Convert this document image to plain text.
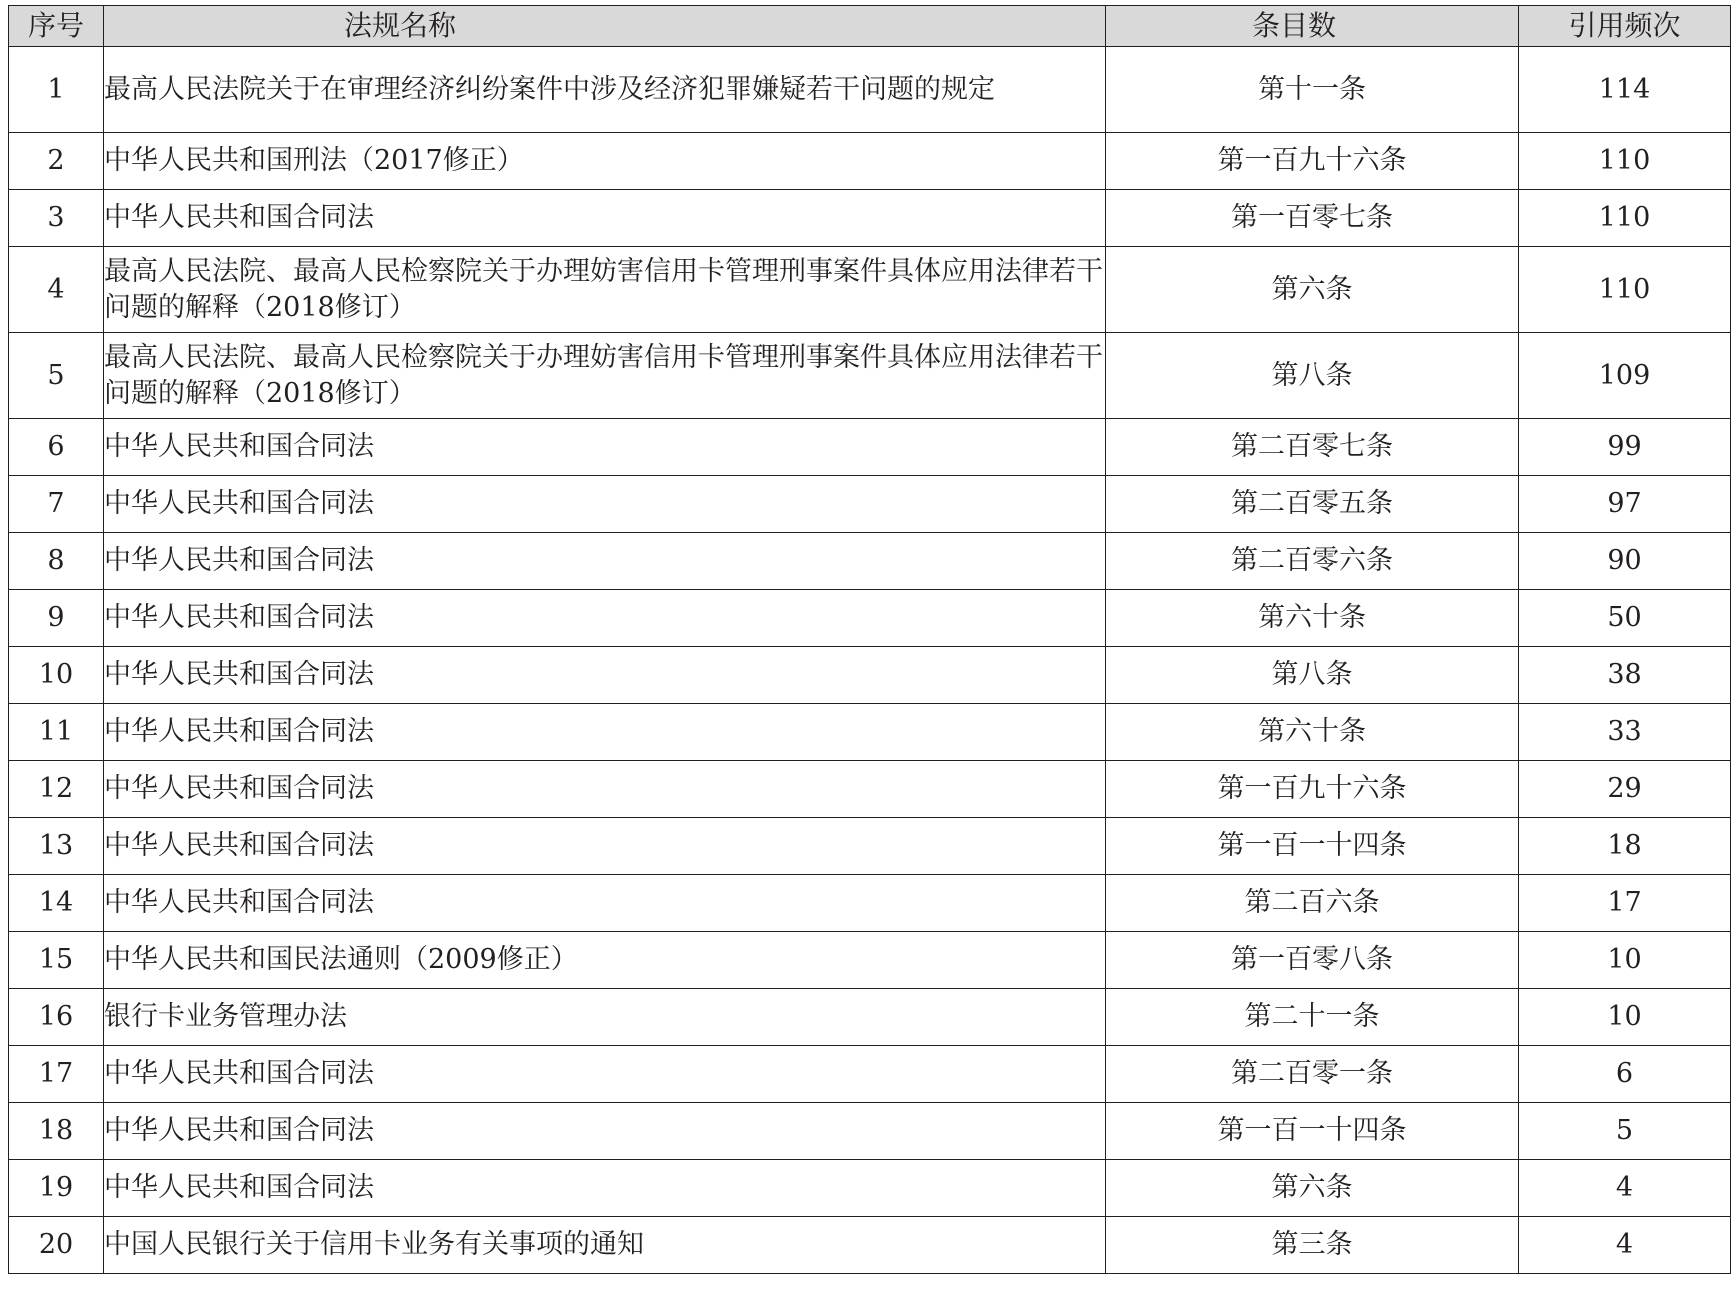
序号	法规名称	条目数	引用频次
1	最高人民法院关于在审理经济纠纷案件中涉及经济犯罪嫌疑若干问题的规定	第十一条	114
2	中华人民共和国刑法（2017修正）	第一百九十六条	110
3	中华人民共和国合同法	第一百零七条	110
4	最高人民法院、最高人民检察院关于办理妨害信用卡管理刑事案件具体应用法律若干问题的解释（2018修订）	第六条	110
5	最高人民法院、最高人民检察院关于办理妨害信用卡管理刑事案件具体应用法律若干问题的解释（2018修订）	第八条	109
6	中华人民共和国合同法	第二百零七条	99
7	中华人民共和国合同法	第二百零五条	97
8	中华人民共和国合同法	第二百零六条	90
9	中华人民共和国合同法	第六十条	50
10	中华人民共和国合同法	第八条	38
11	中华人民共和国合同法	第六十条	33
12	中华人民共和国合同法	第一百九十六条	29
13	中华人民共和国合同法	第一百一十四条	18
14	中华人民共和国合同法	第二百六条	17
15	中华人民共和国民法通则（2009修正）	第一百零八条	10
16	银行卡业务管理办法	第二十一条	10
17	中华人民共和国合同法	第二百零一条	6
18	中华人民共和国合同法	第一百一十四条	5
19	中华人民共和国合同法	第六条	4
20	中国人民银行关于信用卡业务有关事项的通知	第三条	4
